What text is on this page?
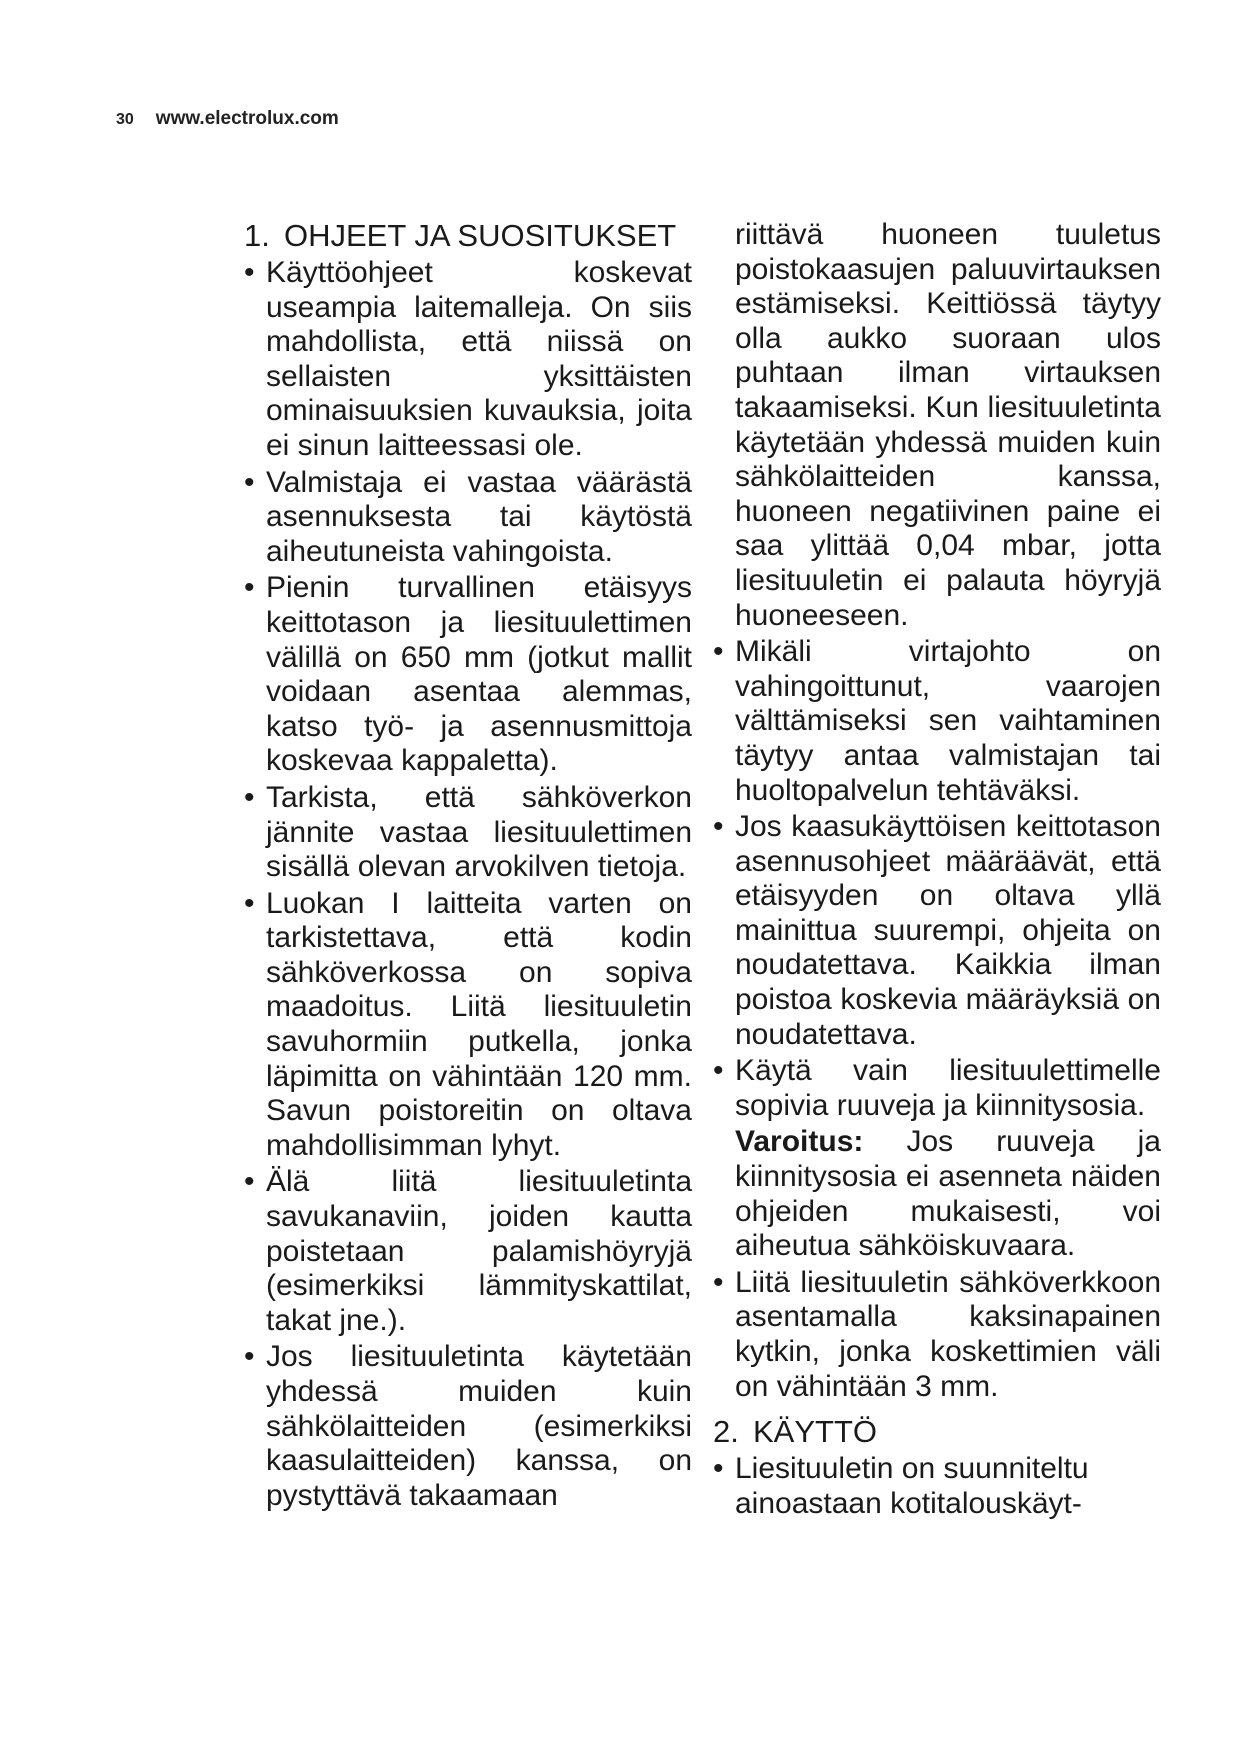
30 www.electrolux.com
1. OHJEET JA SUOSITUKSET
• Käyttöohjeet koskevat useampia laitemalleja. On siis mahdollista, että niissä on sellaisten yksittäisten ominaisuuksien kuvauksia, joita ei sinun laitteessasi ole.
• Valmistaja ei vastaa väärästä asennuksesta tai käytöstä aiheutuneista vahingoista.
• Pienin turvallinen etäisyys keittotason ja liesituulettimen välillä on 650 mm (jotkut mallit voidaan asentaa alemmas, katso työ- ja asennusmittoja koskevaa kappaletta).
• Tarkista, että sähköverkon jännite vastaa liesituulettimen sisällä olevan arvokilven tietoja.
• Luokan I laitteita varten on tarkistettava, että kodin sähköverkossa on sopiva maadoitus. Liitä liesituuletin savuhormiin putkella, jonka läpimitta on vähintään 120 mm. Savun poistoreitin on oltava mahdollisimman lyhyt.
• Älä liitä liesituuletinta savukanaviin, joiden kautta poistetaan palamishöyryjä (esimerkiksi lämmityskattilat, takat jne.).
• Jos liesituuletinta käytetään yhdessä muiden kuin sähkölaitteiden (esimerkiksi kaasulaitteiden) kanssa, on pystyttävä takaamaan
riittävä huoneen tuuletus poistokaasujen paluuvirtauksen estämiseksi. Keittiössä täytyy olla aukko suoraan ulos puhtaan ilman virtauksen takaamiseksi. Kun liesituuletinta käytetään yhdessä muiden kuin sähkölaitteiden kanssa, huoneen negatiivinen paine ei saa ylittää 0,04 mbar, jotta liesituuletin ei palauta höyryjä huoneeseen.
• Mikäli virtajohto on vahingoittunut, vaarojen välttämiseksi sen vaihtaminen täytyy antaa valmistajan tai huoltopalvelun tehtäväksi.
• Jos kaasukäyttöisen keittotason asennusohjeet määräävät, että etäisyyden on oltava yllä mainittua suurempi, ohjeita on noudatettava. Kaikkia ilman poistoa koskevia määräyksiä on noudatettava.
• Käytä vain liesituulettimelle sopivia ruuveja ja kiinnitysosia.
Varoitus: Jos ruuveja ja kiinnitysosia ei asenneta näiden ohjeiden mukaisesti, voi aiheutua sähköiskuvaara.
• Liitä liesituuletin sähköverkkoon asentamalla kaksinapainen kytkin, jonka koskettimien väli on vähintään 3 mm.
2. KÄYTTÖ
• Liesituuletin on suunniteltu ainoastaan kotitalouskäyt-
